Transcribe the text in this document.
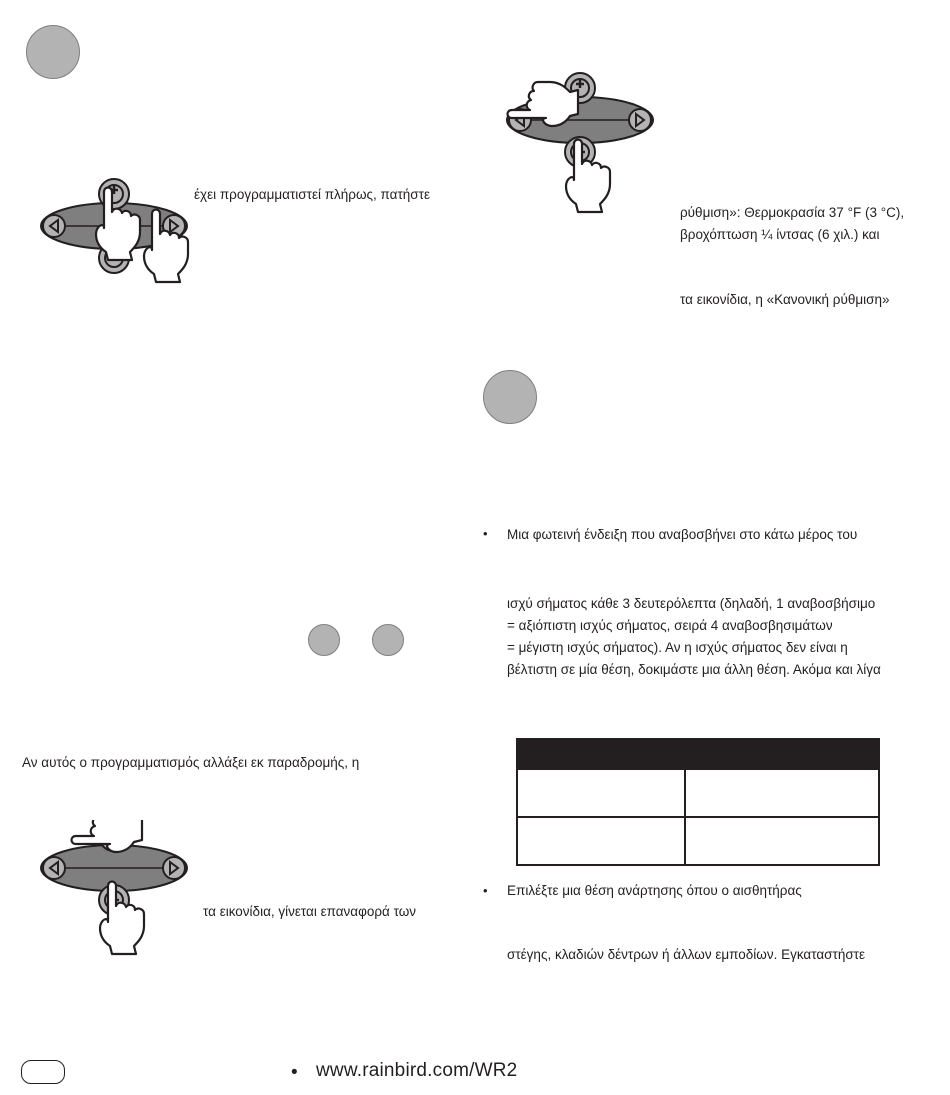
έχει προγραμματιστεί πλήρως, πατήστε
Αν αυτός ο προγραμματισμός αλλάξει εκ παραδρομής, η
τα εικονίδια, γίνεται επαναφορά των
ρύθμιση»: Θερμοκρασία 37 °F (3 °C),
βροχόπτωση ¼ ίντσας (6 χιλ.) και
τα εικονίδια, η «Κανονική ρύθμιση»
• Μια φωτεινή ένδειξη που αναβοσβήνει στο κάτω μέρος του
ισχύ σήματος κάθε 3 δευτερόλεπτα (δηλαδή, 1 αναβοσβήσιμο
= αξιόπιστη ισχύς σήματος, σειρά 4 αναβοσβησιμάτων
= μέγιστη ισχύς σήματος). Αν η ισχύς σήματος δεν είναι η
βέλτιστη σε μία θέση, δοκιμάστε μια άλλη θέση. Ακόμα και λίγα

• Επιλέξτε μια θέση ανάρτησης όπου ο αισθητήρας
στέγης, κλαδιών δέντρων ή άλλων εμποδίων. Εγκαταστήστε
• www.rainbird.com/WR2
